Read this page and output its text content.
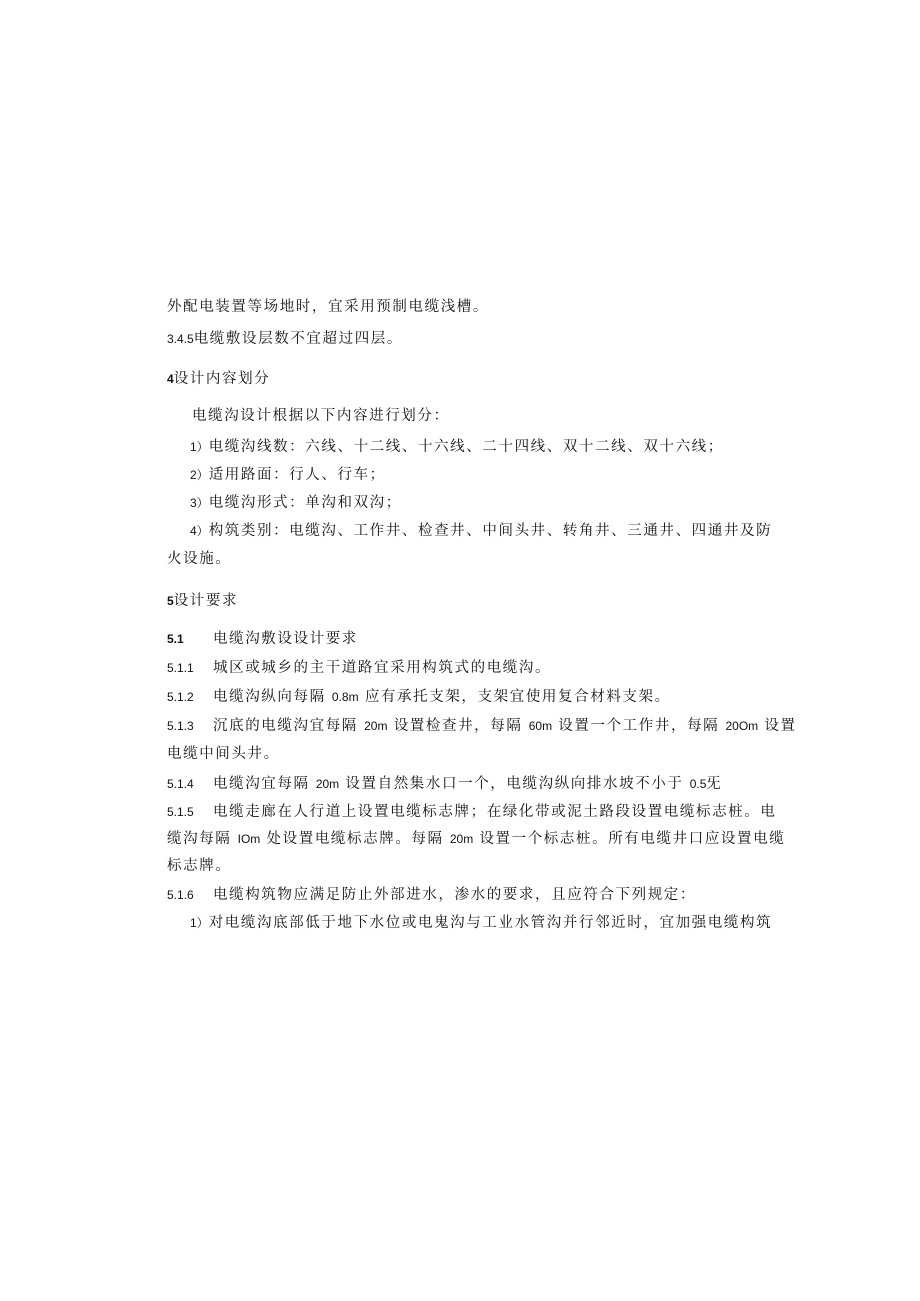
外配电装置等场地时，宜采用预制电缆浅槽。
3.4.5电缆敷设层数不宜超过四层。
4设计内容划分
电缆沟设计根据以下内容进行划分：
1）电缆沟线数：六线、十二线、十六线、二十四线、双十二线、双十六线；
2）适用路面：行人、行车；
3）电缆沟形式：单沟和双沟；
4）构筑类别：电缆沟、工作井、检查井、中间头井、转角井、三通井、四通井及防
火设施。
5设计要求
5.1 电缆沟敷设设计要求
5.1.1 城区或城乡的主干道路宜采用构筑式的电缆沟。
5.1.2 电缆沟纵向每隔 0.8m 应有承托支架，支架宜使用复合材料支架。
5.1.3 沉底的电缆沟宜每隔 20m 设置检查井，每隔 60m 设置一个工作井，每隔 20Om 设置
电缆中间头井。
5.1.4 电缆沟宜每隔 20m 设置自然集水口一个，电缆沟纵向排水坡不小于 0.5旡
5.1.5 电缆走廊在人行道上设置电缆标志牌；在绿化带或泥土路段设置电缆标志桩。电
缆沟每隔 IOm 处设置电缆标志牌。每隔 20m 设置一个标志桩。所有电缆井口应设置电缆
标志牌。
5.1.6 电缆构筑物应满足防止外部进水，渗水的要求，且应符合下列规定：
1）对电缆沟底部低于地下水位或电鬼沟与工业水管沟并行邻近时，宜加强电缆构筑
